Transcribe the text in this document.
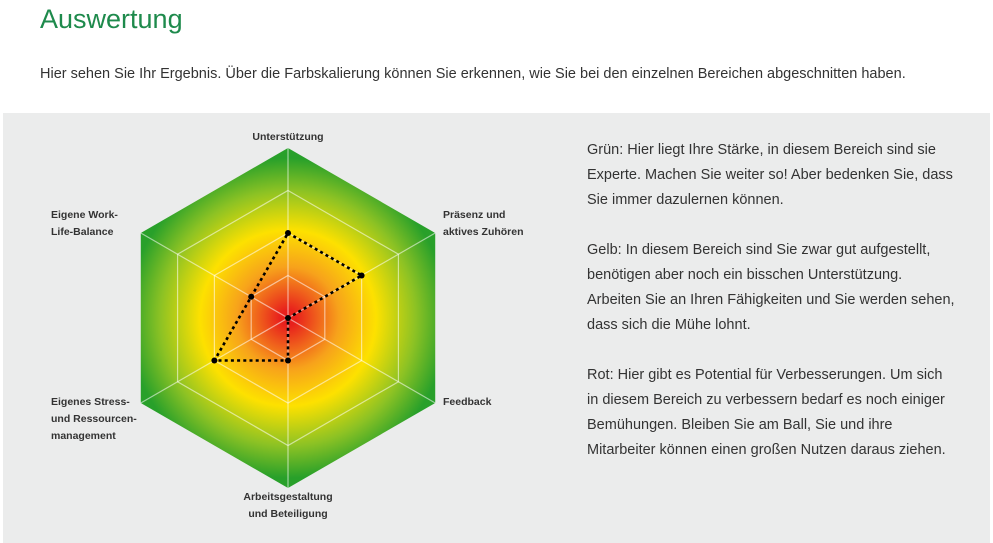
Auswertung

Hier sehen Sie Ihr Ergebnis. Über die Farbskalierung können Sie erkennen, wie Sie bei den einzelnen Bereichen abgeschnitten haben.

Unterstützung
Präsenz und aktives Zuhören
Feedback
Arbeitsgestaltung und Beteiligung
Eigenes Stress-und Ressourcen-management
Eigene Work-Life-Balance

Grün: Hier liegt Ihre Stärke, in diesem Bereich sind sie Experte. Machen Sie weiter so! Aber bedenken Sie, dass Sie immer dazulernen können.

Gelb: In diesem Bereich sind Sie zwar gut aufgestellt, benötigen aber noch ein bisschen Unterstützung. Arbeiten Sie an Ihren Fähigkeiten und Sie werden sehen, dass sich die Mühe lohnt.

Rot: Hier gibt es Potential für Verbesserungen. Um sich in diesem Bereich zu verbessern bedarf es noch einiger Bemühungen. Bleiben Sie am Ball, Sie und ihre Mitarbeiter können einen großen Nutzen daraus ziehen.
